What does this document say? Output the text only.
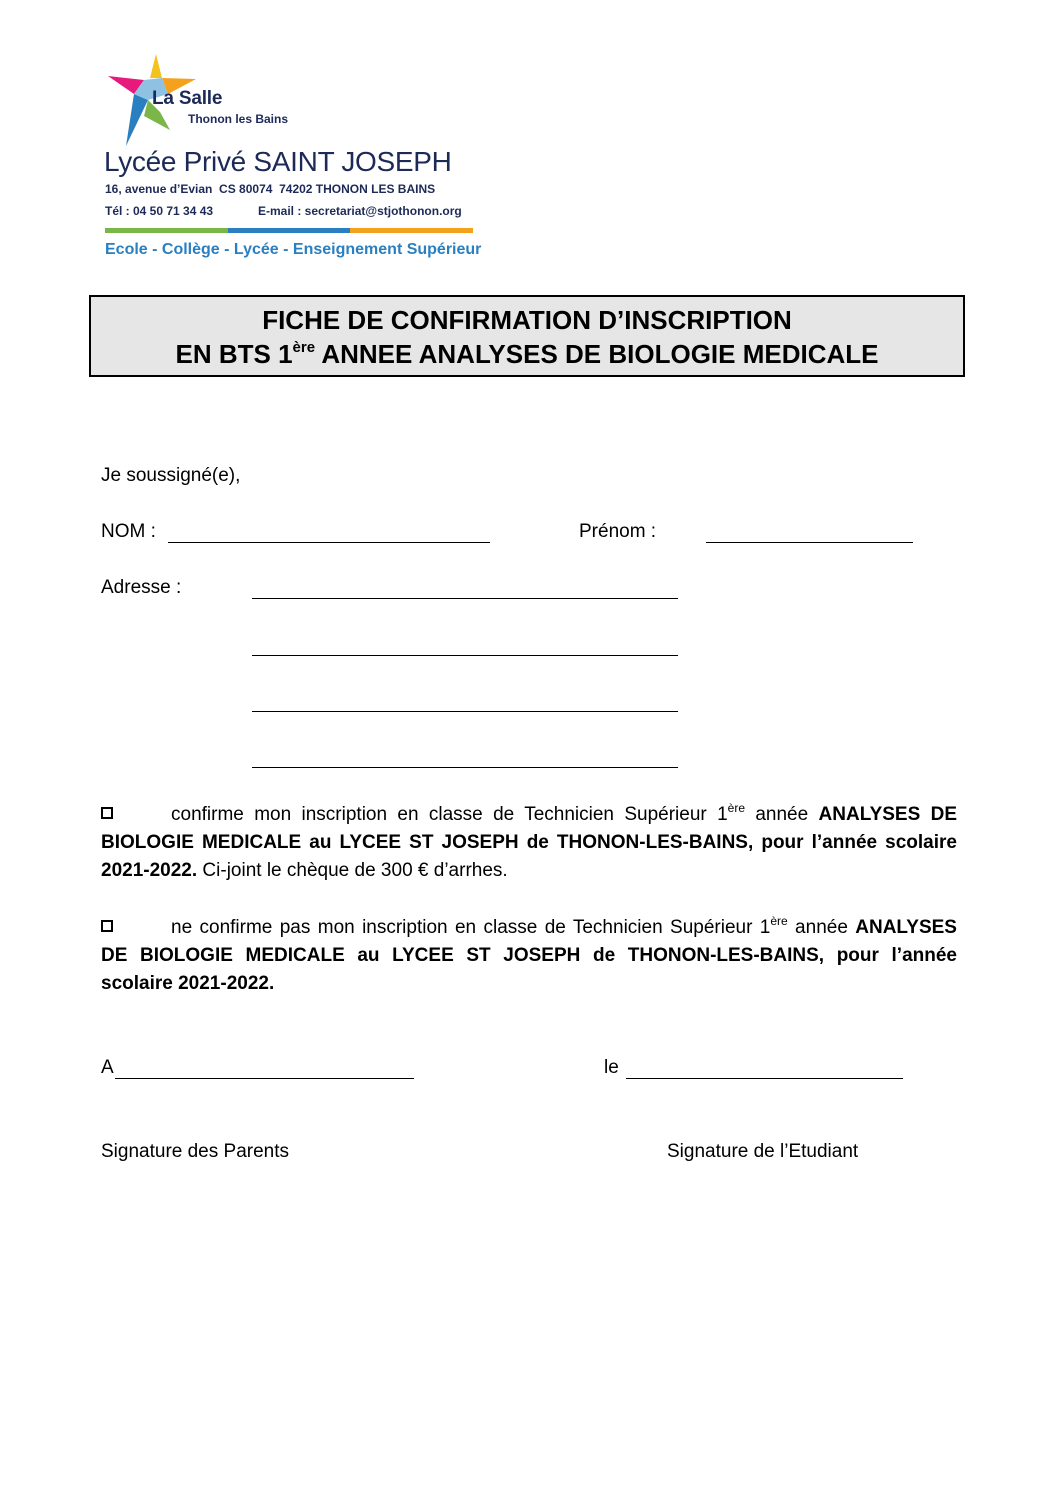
La Salle
Thonon les Bains
Lycée Privé SAINT JOSEPH
16, avenue d’Evian  CS 80074  74202 THONON LES BAINS
Tél : 04 50 71 34 43	E-mail : secretariat@stjothonon.org
Ecole - Collège - Lycée - Enseignement Supérieur
FICHE DE CONFIRMATION D’INSCRIPTION
EN BTS 1ère ANNEE ANALYSES DE BIOLOGIE MEDICALE
Je soussigné(e),
NOM :	Prénom :
Adresse :
confirme mon inscription en classe de Technicien Supérieur 1ère année ANALYSES DE BIOLOGIE MEDICALE au LYCEE ST JOSEPH de THONON-LES-BAINS, pour l’année scolaire 2021-2022. Ci-joint le chèque de 300 € d’arrhes.
ne confirme pas mon inscription en classe de Technicien Supérieur 1ère année ANALYSES DE BIOLOGIE MEDICALE au LYCEE ST JOSEPH de THONON-LES-BAINS, pour l’année scolaire 2021-2022.
A	le
Signature des Parents	Signature de l’Etudiant
